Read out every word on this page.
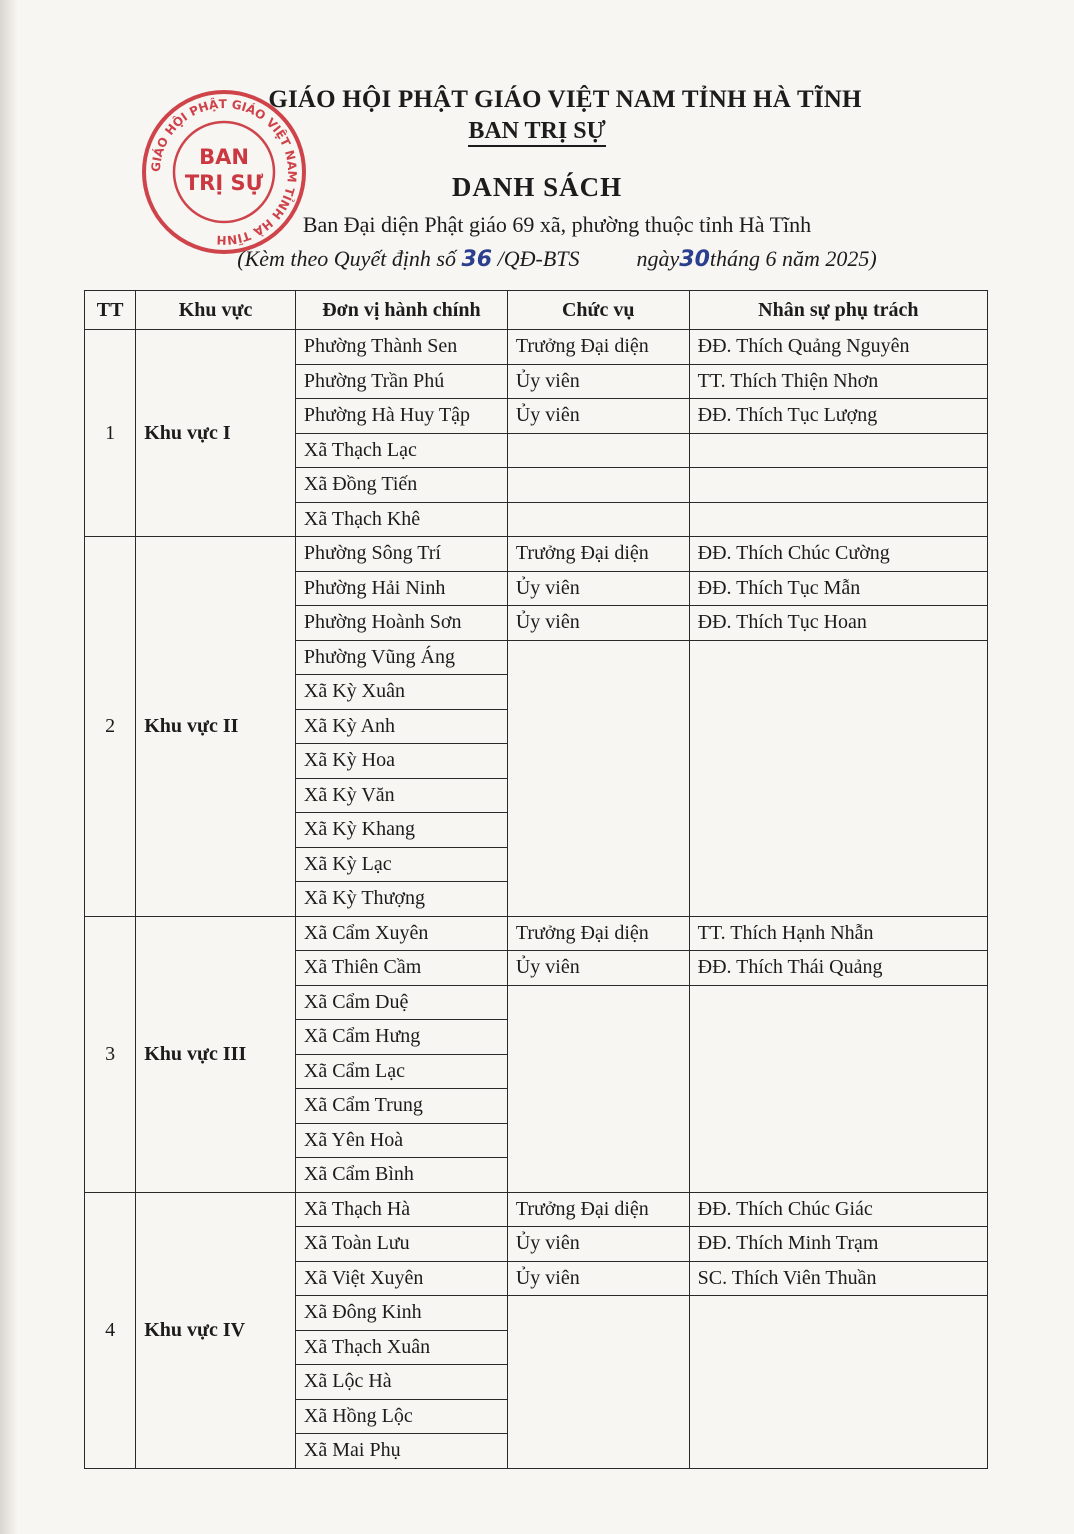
GIÁO HỘI PHẬT GIÁO VIỆT NAM TỈNH HÀ TĨNH
BAN TRỊ SỰ
DANH SÁCH
Ban Đại diện Phật giáo 69 xã, phường thuộc tỉnh Hà Tĩnh
(Kèm theo Quyết định số 36 /QĐ-BTS	ngày30tháng 6 năm 2025)
GIÁO HỘI PHẬT GIÁO VIỆT NAM TỈNH HÀ TĨNH
BAN
TRỊ SỰ
TT	Khu vực	Đơn vị hành chính	Chức vụ	Nhân sự phụ trách
1	Khu vực I	Phường Thành Sen	Trưởng Đại diện	ĐĐ. Thích Quảng Nguyên
		Phường Trần Phú	Ủy viên	TT. Thích Thiện Nhơn
		Phường Hà Huy Tập	Ủy viên	ĐĐ. Thích Tục Lượng
		Xã Thạch Lạc		
		Xã Đồng Tiến		
		Xã Thạch Khê		
2	Khu vực II	Phường Sông Trí	Trưởng Đại diện	ĐĐ. Thích Chúc Cường
		Phường Hải Ninh	Ủy viên	ĐĐ. Thích Tục Mẫn
		Phường Hoành Sơn	Ủy viên	ĐĐ. Thích Tục Hoan
		Phường Vũng Áng		
		Xã Kỳ Xuân		
		Xã Kỳ Anh		
		Xã Kỳ Hoa		
		Xã Kỳ Văn		
		Xã Kỳ Khang		
		Xã Kỳ Lạc		
		Xã Kỳ Thượng		
3	Khu vực III	Xã Cẩm Xuyên	Trưởng Đại diện	TT. Thích Hạnh Nhẫn
		Xã Thiên Cầm	Ủy viên	ĐĐ. Thích Thái Quảng
		Xã Cẩm Duệ		
		Xã Cẩm Hưng		
		Xã Cẩm Lạc		
		Xã Cẩm Trung		
		Xã Yên Hoà		
		Xã Cẩm Bình		
4	Khu vực IV	Xã Thạch Hà	Trưởng Đại diện	ĐĐ. Thích Chúc Giác
		Xã Toàn Lưu	Ủy viên	ĐĐ. Thích Minh Trạm
		Xã Việt Xuyên	Ủy viên	SC. Thích Viên Thuần
		Xã Đông Kinh		
		Xã Thạch Xuân		
		Xã Lộc Hà		
		Xã Hồng Lộc		
		Xã Mai Phụ		
